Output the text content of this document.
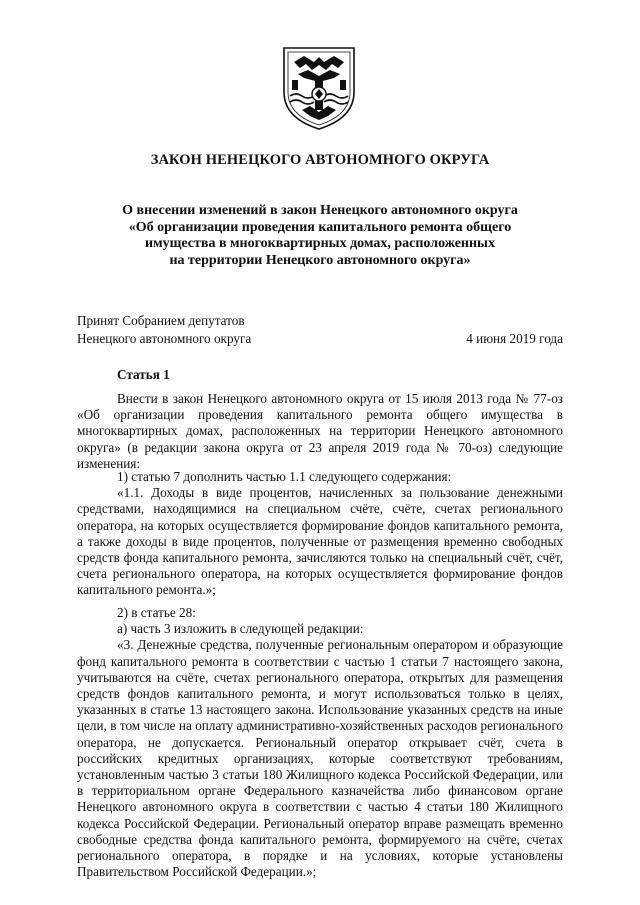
ЗАКОН НЕНЕЦКОГО АВТОНОМНОГО ОКРУГА
О внесении изменений в закон Ненецкого автономного округа
«Об организации проведения капитального ремонта общего
имущества в многоквартирных домах, расположенных
на территории Ненецкого автономного округа»
Принят Собранием депутатов
Ненецкого автономного округа	4 июня 2019 года
Статья 1

Внести в закон Ненецкого автономного округа от 15 июля 2013 года № 77-оз «Об организации проведения капитального ремонта общего имущества в многоквартирных домах, расположенных на территории Ненецкого автономного округа» (в редакции закона округа от 23 апреля 2019 года № 70-оз) следующие изменения:

1) статью 7 дополнить частью 1.1 следующего содержания:

«1.1. Доходы в виде процентов, начисленных за пользование денежными средствами, находящимися на специальном счёте, счёте, счетах регионального оператора, на которых осуществляется формирование фондов капитального ремонта, а также доходы в виде процентов, полученные от размещения временно свободных средств фонда капитального ремонта, зачисляются только на специальный счёт, счёт, счета регионального оператора, на которых осуществляется формирование фондов капитального ремонта.»;

2) в статье 28:

а) часть 3 изложить в следующей редакции:

«3. Денежные средства, полученные региональным оператором и образующие фонд капитального ремонта в соответствии с частью 1 статьи 7 настоящего закона, учитываются на счёте, счетах регионального оператора, открытых для размещения средств фондов капитального ремонта, и могут использоваться только в целях, указанных в статье 13 настоящего закона. Использование указанных средств на иные цели, в том числе на оплату административно-хозяйственных расходов регионального оператора, не допускается. Региональный оператор открывает счёт, счета в российских кредитных организациях, которые соответствуют требованиям, установленным частью 3 статьи 180 Жилищного кодекса Российской Федерации, или в территориальном органе Федерального казначейства либо финансовом органе Ненецкого автономного округа в соответствии с частью 4 статьи 180 Жилищного кодекса Российской Федерации. Региональный оператор вправе размещать временно свободные средства фонда капитального ремонта, формируемого на счёте, счетах регионального оператора, в порядке и на условиях, которые установлены Правительством Российской Федерации.»;
